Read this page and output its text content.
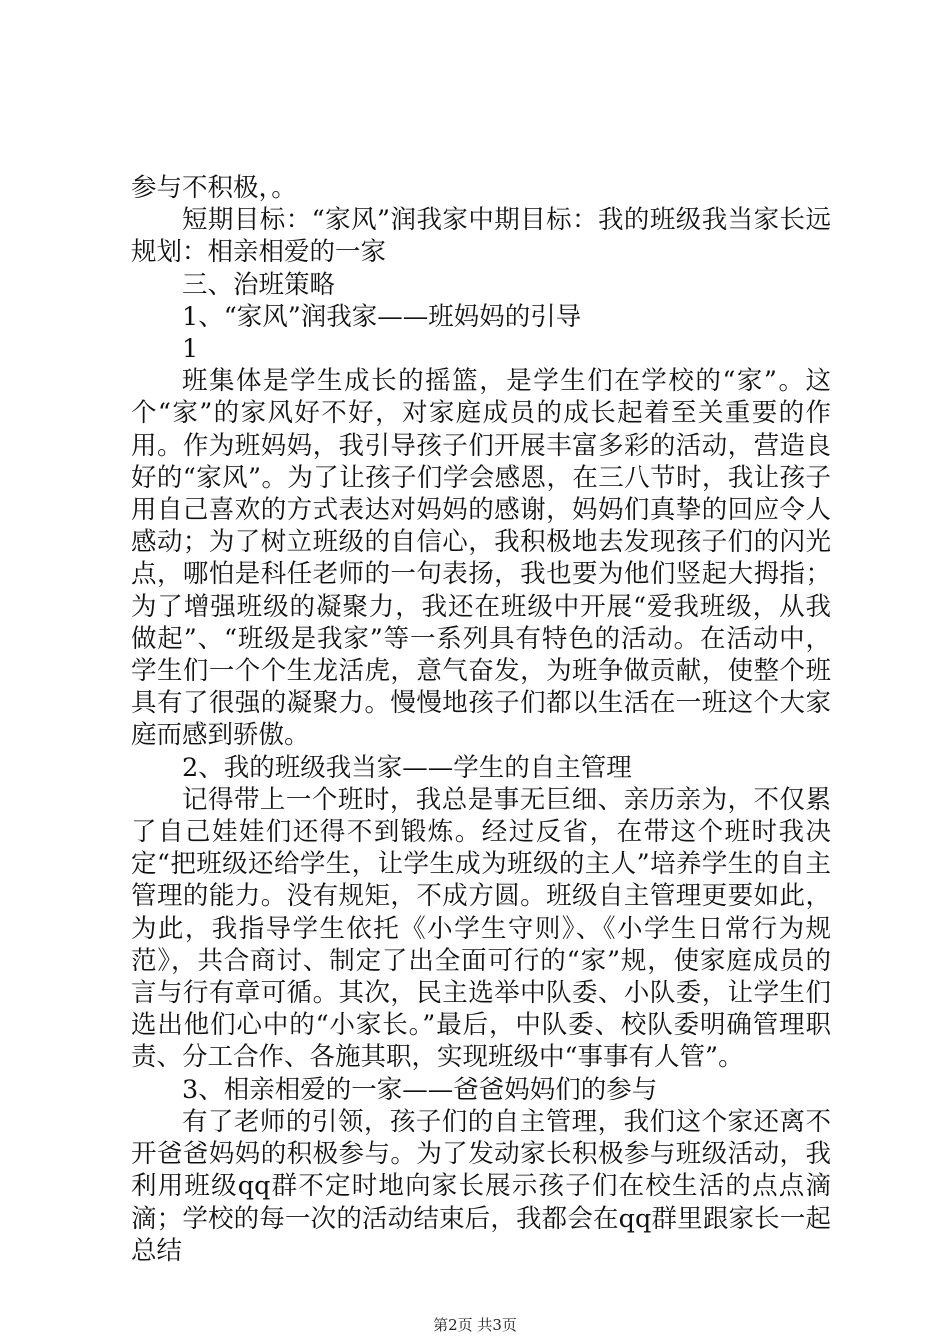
参与不积极，。

短期目标：“家风”润我家中期目标：我的班级我当家长远规划：相亲相爱的一家

三、治班策略

1、“家风”润我家——班妈妈的引导

1

班集体是学生成长的摇篮，是学生们在学校的“家”。这个“家”的家风好不好，对家庭成员的成长起着至关重要的作用。作为班妈妈，我引导孩子们开展丰富多彩的活动，营造良好的“家风”。为了让孩子们学会感恩，在三八节时，我让孩子用自己喜欢的方式表达对妈妈的感谢，妈妈们真挚的回应令人感动；为了树立班级的自信心，我积极地去发现孩子们的闪光点，哪怕是科任老师的一句表扬，我也要为他们竖起大拇指；为了增强班级的凝聚力，我还在班级中开展“爱我班级，从我做起”、“班级是我家”等一系列具有特色的活动。在活动中，学生们一个个生龙活虎，意气奋发，为班争做贡献，使整个班具有了很强的凝聚力。慢慢地孩子们都以生活在一班这个大家庭而感到骄傲。

2、我的班级我当家——学生的自主管理

记得带上一个班时，我总是事无巨细、亲历亲为，不仅累了自己娃娃们还得不到锻炼。经过反省，在带这个班时我决定“把班级还给学生，让学生成为班级的主人”培养学生的自主管理的能力。没有规矩，不成方圆。班级自主管理更要如此，为此，我指导学生依托《小学生守则》、《小学生日常行为规范》，共合商讨、制定了出全面可行的“家”规，使家庭成员的言与行有章可循。其次，民主选举中队委、小队委，让学生们选出他们心中的“小家长。”最后，中队委、校队委明确管理职责、分工合作、各施其职，实现班级中“事事有人管”。

3、相亲相爱的一家——爸爸妈妈们的参与

有了老师的引领，孩子们的自主管理，我们这个家还离不开爸爸妈妈的积极参与。为了发动家长积极参与班级活动，我利用班级qq群不定时地向家长展示孩子们在校生活的点点滴滴；学校的每一次的活动结束后，我都会在qq群里跟家长一起总结

第2页 共3页
